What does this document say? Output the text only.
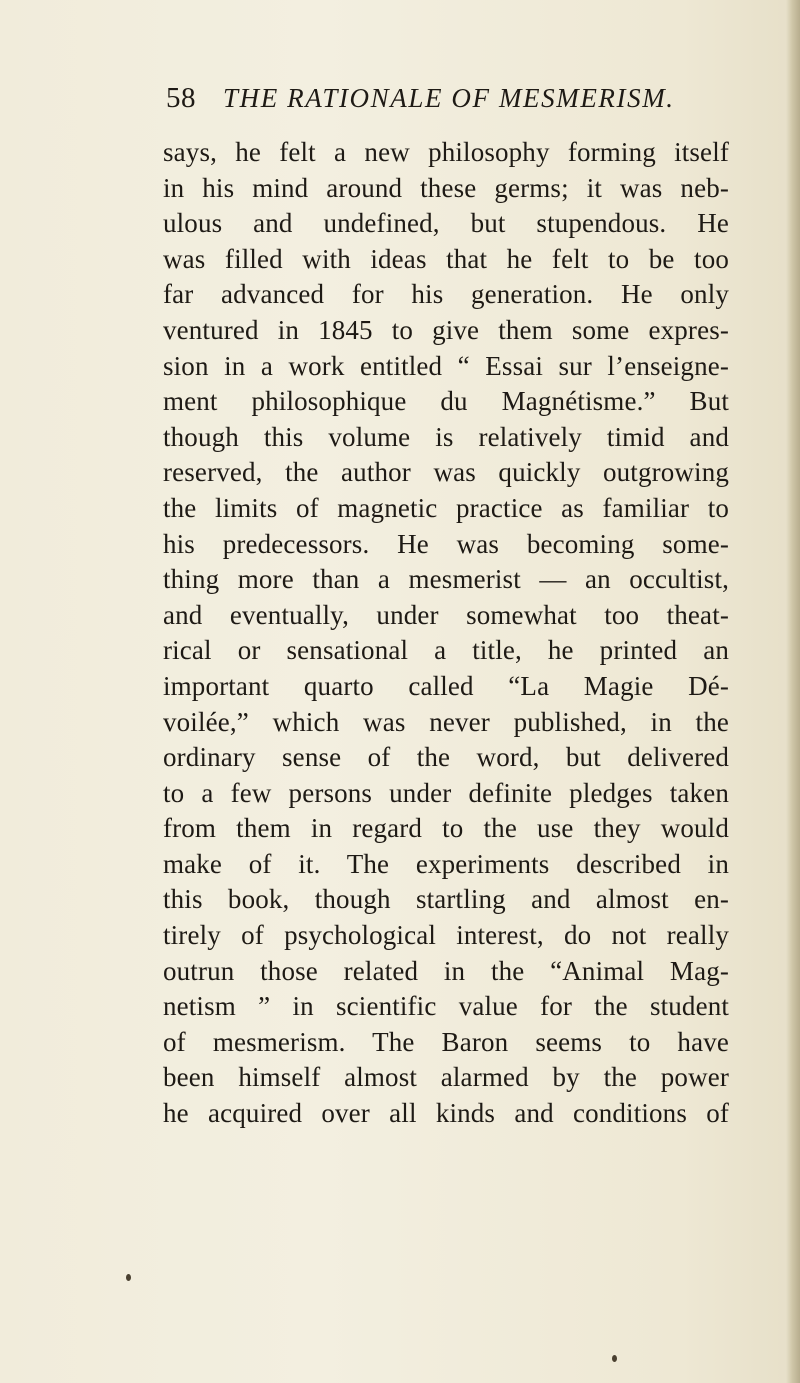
58 THE RATIONALE OF MESMERISM.
says, he felt a new philosophy forming itself
in his mind around these germs; it was neb-
ulous and undefined, but stupendous. He
was filled with ideas that he felt to be too
far advanced for his generation. He only
ventured in 1845 to give them some expres-
sion in a work entitled “ Essai sur l’enseigne-
ment philosophique du Magnétisme.” But
though this volume is relatively timid and
reserved, the author was quickly outgrowing
the limits of magnetic practice as familiar to
his predecessors. He was becoming some-
thing more than a mesmerist — an occultist,
and eventually, under somewhat too theat-
rical or sensational a title, he printed an
important quarto called “La Magie Dé-
voilée,” which was never published, in the
ordinary sense of the word, but delivered
to a few persons under definite pledges taken
from them in regard to the use they would
make of it. The experiments described in
this book, though startling and almost en-
tirely of psychological interest, do not really
outrun those related in the “Animal Mag-
netism ” in scientific value for the student
of mesmerism. The Baron seems to have
been himself almost alarmed by the power
he acquired over all kinds and conditions of
